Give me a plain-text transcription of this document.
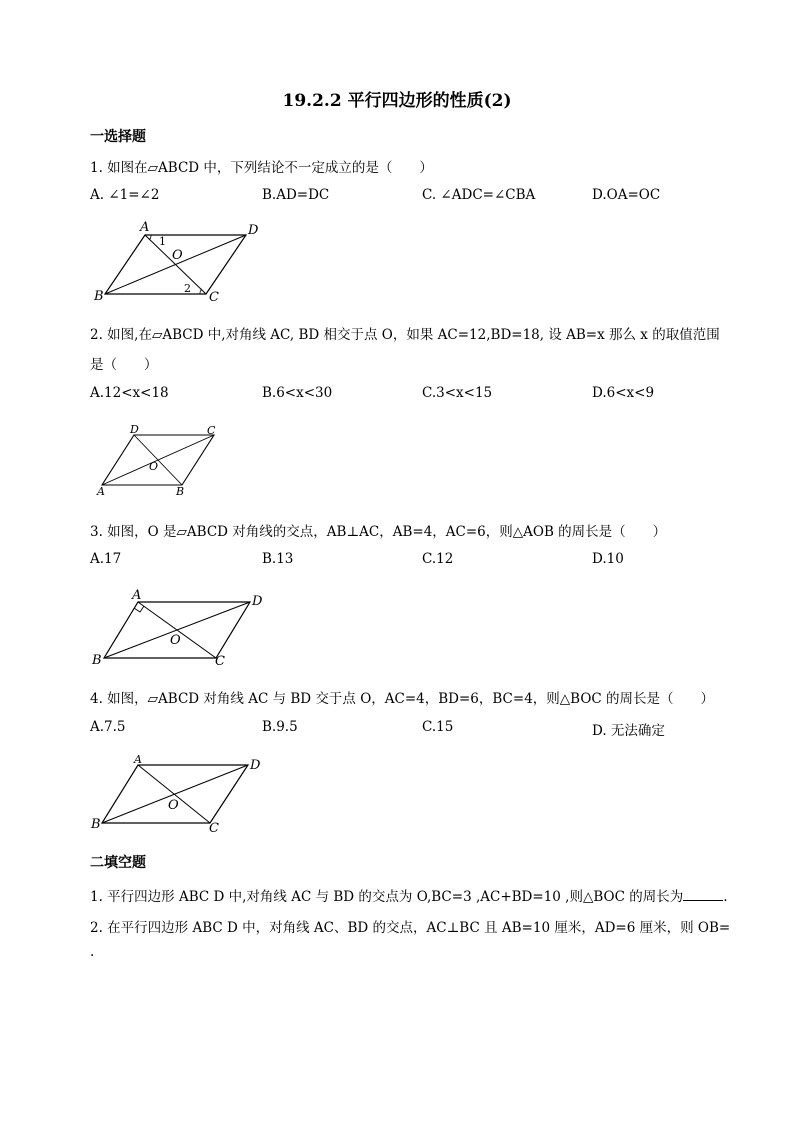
19.2.2 平行四边形的性质(2)
一选择题
1. 如图在▱ABCD 中，下列结论不一定成立的是（　　）
A. ∠1=∠2	B.AD=DC	C. ∠ADC=∠CBA	D.OA=OC
A	D
B	C
O
1
2
2. 如图,在▱ABCD 中,对角线 AC, BD 相交于点 O，如果 AC=12,BD=18, 设 AB=x 那么 x 的取值范围
是（　　）
A.12<x<18	B.6<x<30	C.3<x<15	D.6<x<9
D	C
A	B
O
3. 如图，O 是▱ABCD 对角线的交点，AB⊥AC，AB=4，AC=6，则△AOB 的周长是（　　）
A.17	B.13	C.12	D.10
A	D
B	C
O
4. 如图，▱ABCD 对角线 AC 与 BD 交于点 O，AC=4，BD=6，BC=4，则△BOC 的周长是（　　）
A.7.5	B.9.5	C.15	D. 无法确定
A	D
B	C
O
二填空题
1. 平行四边形 ABC D 中,对角线 AC 与 BD 的交点为 O,BC=3 ,AC+BD=10 ,则△BOC 的周长为	.
2. 在平行四边形 ABC D 中，对角线 AC、BD 的交点，AC⊥BC 且 AB=10 厘米，AD=6 厘米，则 OB=
.
